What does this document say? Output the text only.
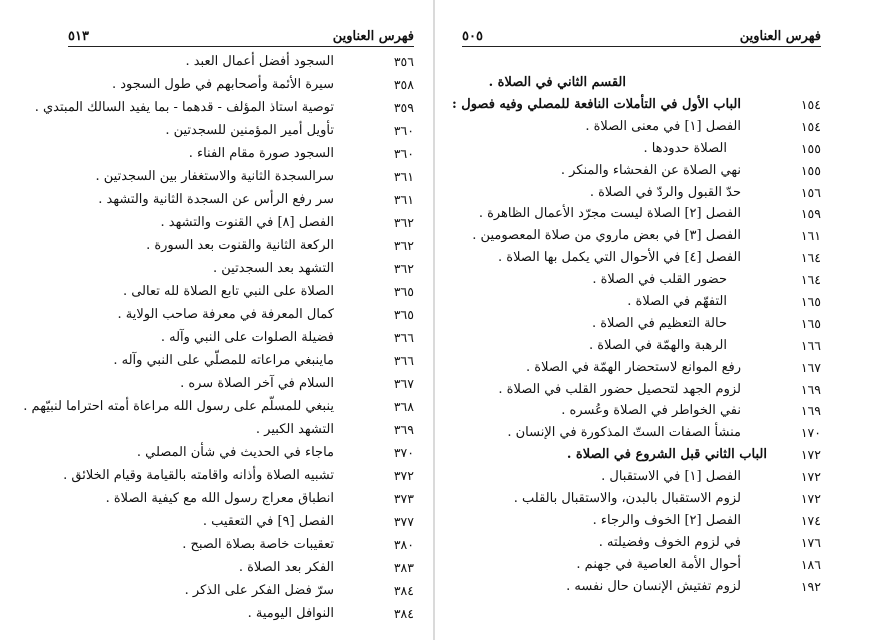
فهرس العناوين
٥١٣
٣٥٦
السجود أفضل أعمال العبد .
٣٥٨
سيرة الأئمة وأصحابهم في طول السجود .
٣٥٩
توصية استاذ المؤلف - قدهما - بما يفيد السالك المبتدي .
٣٦٠
تأويل أمير المؤمنين للسجدتين .
٣٦٠
السجود صورة مقام الفناء .
٣٦١
سرالسجدة الثانية والاستغفار بين السجدتين .
٣٦١
سر رفع الرأس عن السجدة الثانية والتشهد .
٣٦٢
الفصل [٨] في القنوت والتشهد .
٣٦٢
الركعة الثانية والقنوت بعد السورة .
٣٦٢
التشهد بعد السجدتين .
٣٦٥
الصلاة على النبي تابع الصلاة لله تعالى .
٣٦٥
كمال المعرفة في معرفة صاحب الولاية .
٣٦٦
فضيلة الصلوات على النبي وآله .
٣٦٦
ماينبغي مراعاته للمصلّي على النبي وآله .
٣٦٧
السلام في آخر الصلاة سره .
٣٦٨
ينبغي للمسلّم على رسول الله مراعاة أمته احتراما لنبيّهم .
٣٦٩
التشهد الكبير .
٣٧٠
ماجاء في الحديث في شأن المصلي .
٣٧٢
تشبيه الصلاة وأذانه واقامته بالقيامة وقيام الخلائق .
٣٧٣
انطباق معراج رسول الله مع كيفية الصلاة .
٣٧٧
الفصل [٩] في التعقيب .
٣٨٠
تعقيبات خاصة بصلاة الصبح .
٣٨٣
الفكر بعد الصلاة .
٣٨٤
سرّ فضل الفكر على الذكر .
٣٨٤
النوافل اليومية .
فهرس العناوين
٥٠٥
القسم الثاني في الصلاة .
١٥٤
الباب الأول في التأملات النافعة للمصلي وفيه فصول :
١٥٤
الفصل [١] في معنى الصلاة .
١٥٥
الصلاة حدودها .
١٥٥
نهي الصلاة عن الفحشاء والمنكر .
١٥٦
حدّ القبول والردّ في الصلاة .
١٥٩
الفصل [٢] الصلاة ليست مجرّد الأعمال الظاهرة .
١٦١
الفصل [٣] في بعض ماروي من صلاة المعصومين .
١٦٤
الفصل [٤] في الأحوال التي يكمل بها الصلاة .
١٦٤
حضور القلب في الصلاة .
١٦٥
التفهّم في الصلاة .
١٦٥
حالة التعظيم في الصلاة .
١٦٦
الرهبة والهمّة في الصلاة .
١٦٧
رفع الموانع لاستحضار الهمّة في الصلاة .
١٦٩
لزوم الجهد لتحصيل حضور القلب في الصلاة .
١٦٩
نفي الخواطر في الصلاة وعُسره .
١٧٠
منشأ الصفات الستّ المذكورة في الإنسان .
١٧٢
الباب الثاني قبل الشروع في الصلاة .
١٧٢
الفصل [١] في الاستقبال .
١٧٢
لزوم الاستقبال بالبدن، والاستقبال بالقلب .
١٧٤
الفصل [٢] الخوف والرجاء .
١٧٦
في لزوم الخوف وفضيلته .
١٨٦
أحوال الأمة العاصية في جهنم .
١٩٢
لزوم تفتيش الإنسان حال نفسه .
